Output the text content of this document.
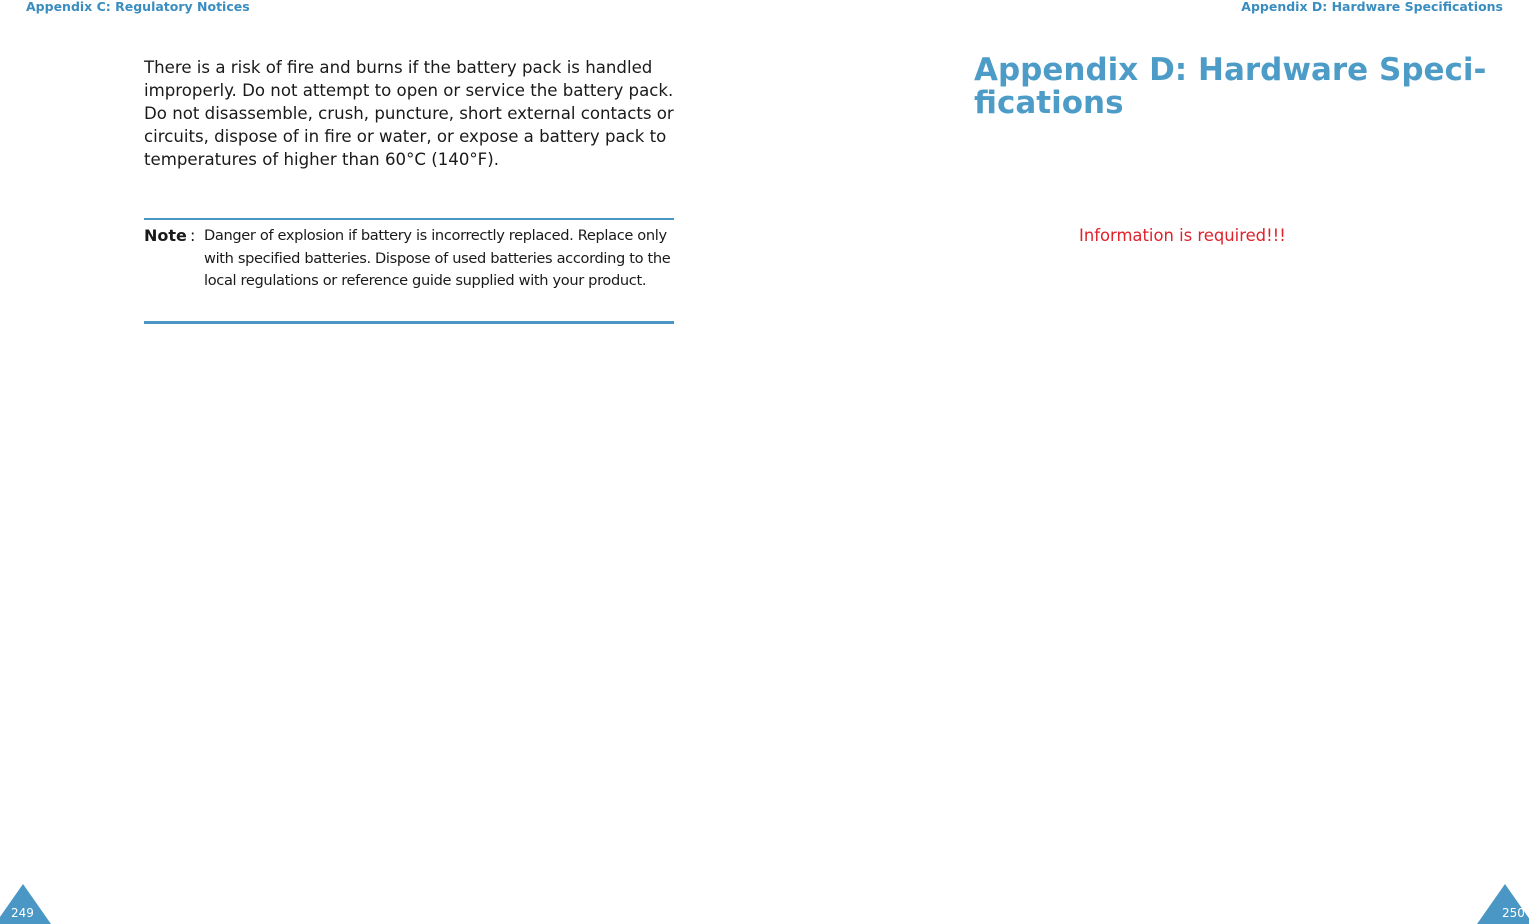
Appendix C: Regulatory Notices

There is a risk of fire and burns if the battery pack is handled improperly. Do not attempt to open or service the battery pack. Do not disassemble, crush, puncture, short external contacts or circuits, dispose of in fire or water, or expose a battery pack to temperatures of higher than 60°C (140°F).

Note : Danger of explosion if battery is incorrectly replaced. Replace only with specified batteries. Dispose of used batteries according to the local regulations or reference guide supplied with your product.
249
Appendix D: Hardware Specifications
Appendix D: Hardware Speci-
fications
Information is required!!!
250
